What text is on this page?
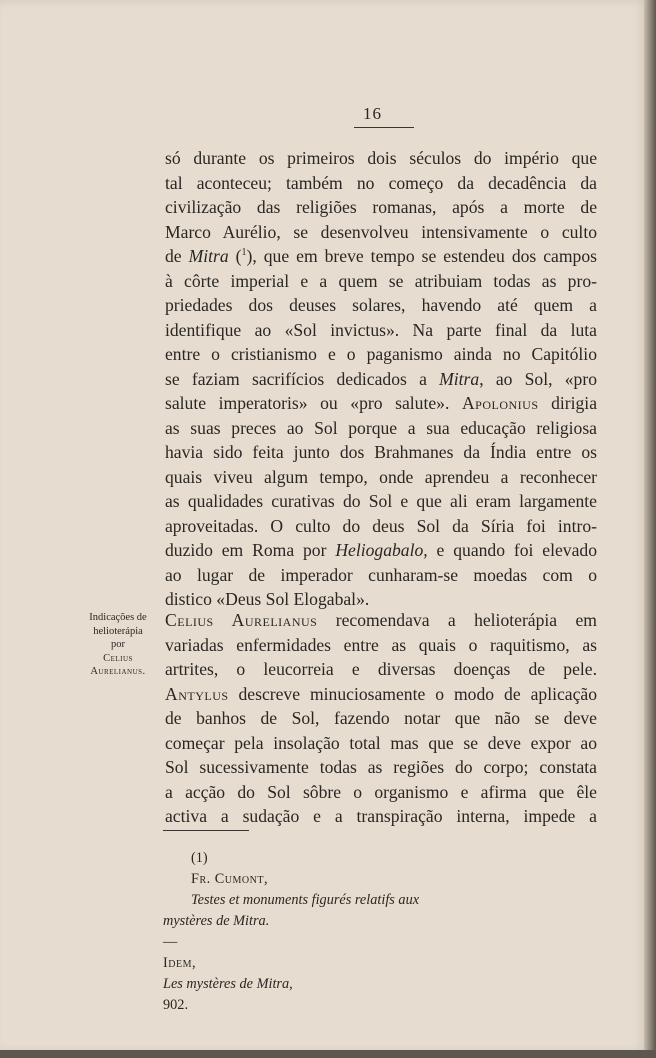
16
só durante os primeiros dois séculos do império que
tal aconteceu; também no começo da decadência da
civilização das religiões romanas, após a morte de
Marco Aurélio, se desenvolveu intensivamente o culto
de Mitra ($^1$), que em breve tempo se estendeu dos campos
à côrte imperial e a quem se atribuiam todas as pro-
priedades dos deuses solares, havendo até quem a
identifique ao «Sol invictus». Na parte final da luta
entre o cristianismo e o paganismo ainda no Capitólio
se faziam sacrifícios dedicados a Mitra, ao Sol, «pro
salute imperatoris» ou «pro salute». Apolonius dirigia
as suas preces ao Sol porque a sua educação religiosa
havia sido feita junto dos Brahmanes da Índia entre os
quais viveu algum tempo, onde aprendeu a reconhecer
as qualidades curativas do Sol e que ali eram largamente
aproveitadas. O culto do deus Sol da Síria foi intro-
duzido em Roma por Heliogabalo, e quando foi elevado
ao lugar de imperador cunharam-se moedas com o
distico «Deus Sol Elogabal».
Indicações de
helioterápia
por
Celius
Aurelianus.
Celius Aurelianus recomendava a helioterápia em
variadas enfermidades entre as quais o raquitismo, as
artrites, o leucorreia e diversas doenças de pele.
Antylus descreve minuciosamente o modo de aplicação
de banhos de Sol, fazendo notar que não se deve
começar pela insolação total mas que se deve expor ao
Sol sucessivamente todas as regiões do corpo; constata
a acção do Sol sôbre o organismo e afirma que êle
activa a sudação e a transpiração interna, impede a
(1)
Fr. Cumont,
Testes et monuments figurés relatifs aux
mystères de Mitra.
—
Idem,
Les mystères de Mitra,
902.
